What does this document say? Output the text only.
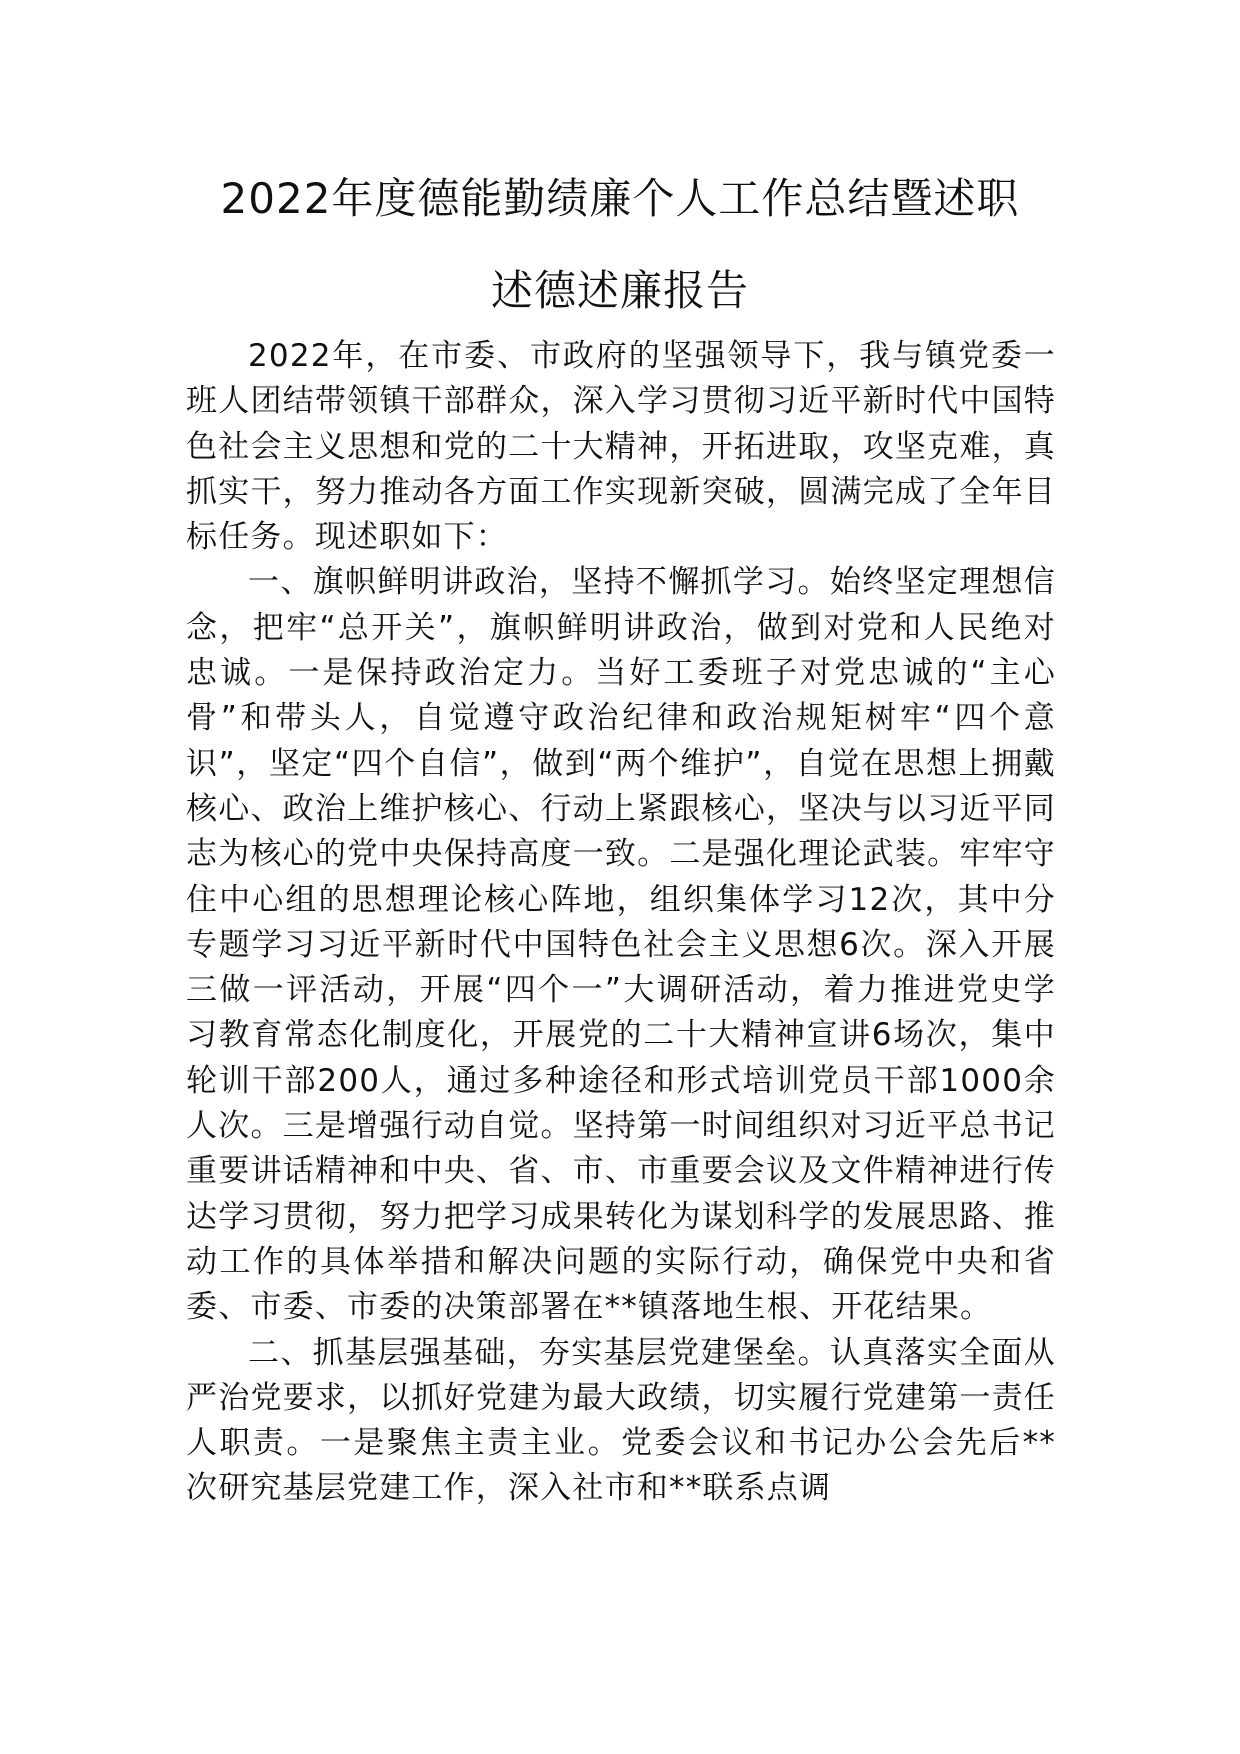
2022年度德能勤绩廉个人工作总结暨述职
述德述廉报告

2022年，在市委、市政府的坚强领导下，我与镇党委一班人团结带领镇干部群众，深入学习贯彻习近平新时代中国特色社会主义思想和党的二十大精神，开拓进取，攻坚克难，真抓实干，努力推动各方面工作实现新突破，圆满完成了全年目标任务。现述职如下：

一、旗帜鲜明讲政治，坚持不懈抓学习。始终坚定理想信念，把牢“总开关”，旗帜鲜明讲政治，做到对党和人民绝对忠诚。一是保持政治定力。当好工委班子对党忠诚的“主心骨”和带头人，自觉遵守政治纪律和政治规矩树牢“四个意识”，坚定“四个自信”，做到“两个维护”，自觉在思想上拥戴核心、政治上维护核心、行动上紧跟核心，坚决与以习近平同志为核心的党中央保持高度一致。二是强化理论武装。牢牢守住中心组的思想理论核心阵地，组织集体学习12次，其中分专题学习习近平新时代中国特色社会主义思想6次。深入开展三做一评活动，开展“四个一”大调研活动，着力推进党史学习教育常态化制度化，开展党的二十大精神宣讲6场次，集中轮训干部200人，通过多种途径和形式培训党员干部1000余人次。三是增强行动自觉。坚持第一时间组织对习近平总书记重要讲话精神和中央、省、市、市重要会议及文件精神进行传达学习贯彻，努力把学习成果转化为谋划科学的发展思路、推动工作的具体举措和解决问题的实际行动，确保党中央和省委、市委、市委的决策部署在**镇落地生根、开花结果。

二、抓基层强基础，夯实基层党建堡垒。认真落实全面从严治党要求，以抓好党建为最大政绩，切实履行党建第一责任人职责。一是聚焦主责主业。党委会议和书记办公会先后**次研究基层党建工作，深入社市和**联系点调
